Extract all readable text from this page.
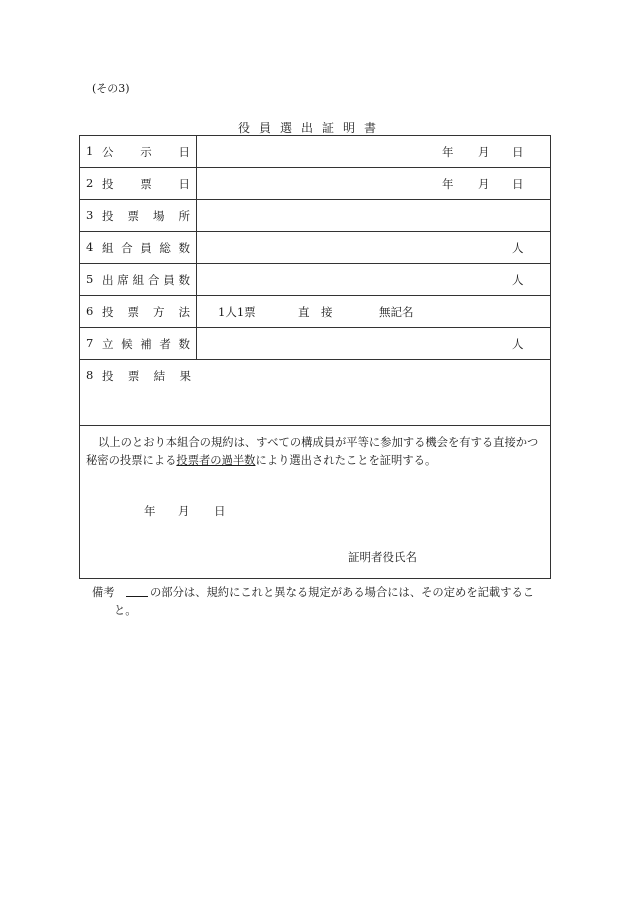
(その3)
役員選出証明書
1 公 示 日	年 月 日
2 投 票 日	年 月 日
3 投 票 場 所
4 組 合 員 総 数	人
5 出 席 組 合 員 数	人
6 投 票 方 法 1人1票	直　接	無記名
7 立 候 補 者 数	人
8 投 票 結 果
以上のとおり本組合の規約は、すべての構成員が平等に参加する機会を有する直接かつ秘密の投票による投票者の過半数により選出されたことを証明する。
年 月 日
証明者役氏名
備考	の部分は、規約にこれと異なる規定がある場合には、その定めを記載するこ
と。
